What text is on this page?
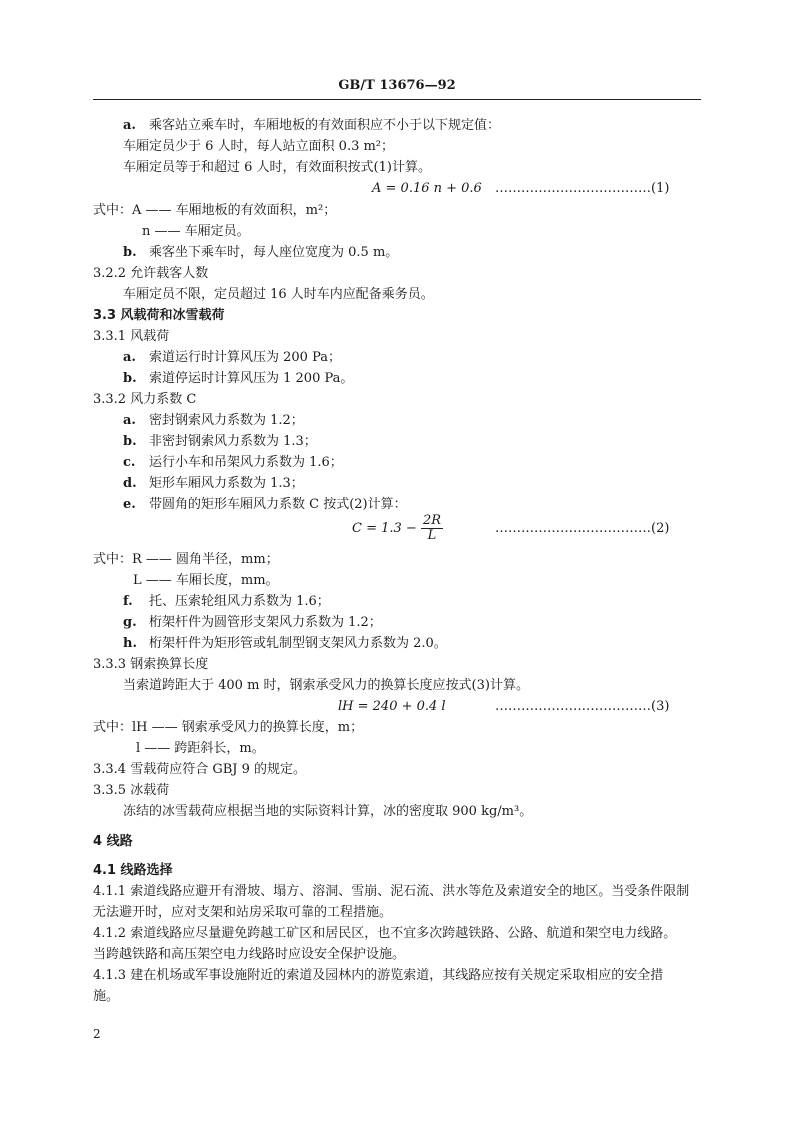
GB/T 13676—92
a. 乘客站立乘车时，车厢地板的有效面积应不小于以下规定值：
车厢定员少于 6 人时，每人站立面积 0.3 m²；
车厢定员等于和超过 6 人时，有效面积按式(1)计算。
A = 0.16 n + 0.6 ………………………………(1)
式中：A —— 车厢地板的有效面积，m²；
n —— 车厢定员。
b. 乘客坐下乘车时，每人座位宽度为 0.5 m。
3.2.2 允许载客人数
车厢定员不限，定员超过 16 人时车内应配备乘务员。
3.3 风载荷和冰雪载荷
3.3.1 风载荷
a. 索道运行时计算风压为 200 Pa；
b. 索道停运时计算风压为 1 200 Pa。
3.3.2 风力系数 C
a. 密封钢索风力系数为 1.2；
b. 非密封钢索风力系数为 1.3；
c. 运行小车和吊架风力系数为 1.6；
d. 矩形车厢风力系数为 1.3；
e. 带圆角的矩形车厢风力系数 C 按式(2)计算：
$C = 1.3 - \frac{2R}{L}$	………………………………(2)
式中：R —— 圆角半径，mm；
L —— 车厢长度，mm。
f. 托、压索轮组风力系数为 1.6；
g. 桁架杆件为圆管形支架风力系数为 1.2；
h. 桁架杆件为矩形管或轧制型钢支架风力系数为 2.0。
3.3.3 钢索换算长度
当索道跨距大于 400 m 时，钢索承受风力的换算长度应按式(3)计算。
lH = 240 + 0.4 l	………………………………(3)
式中：lH —— 钢索承受风力的换算长度，m；
l —— 跨距斜长，m。
3.3.4 雪载荷应符合 GBJ 9 的规定。
3.3.5 冰载荷
冻结的冰雪载荷应根据当地的实际资料计算，冰的密度取 900 kg/m³。
4 线路
4.1 线路选择
4.1.1 索道线路应避开有滑坡、塌方、溶洞、雪崩、泥石流、洪水等危及索道安全的地区。当受条件限制
无法避开时，应对支架和站房采取可靠的工程措施。
4.1.2 索道线路应尽量避免跨越工矿区和居民区，也不宜多次跨越铁路、公路、航道和架空电力线路。
当跨越铁路和高压架空电力线路时应设安全保护设施。
4.1.3 建在机场或军事设施附近的索道及园林内的游览索道，其线路应按有关规定采取相应的安全措
施。
2
